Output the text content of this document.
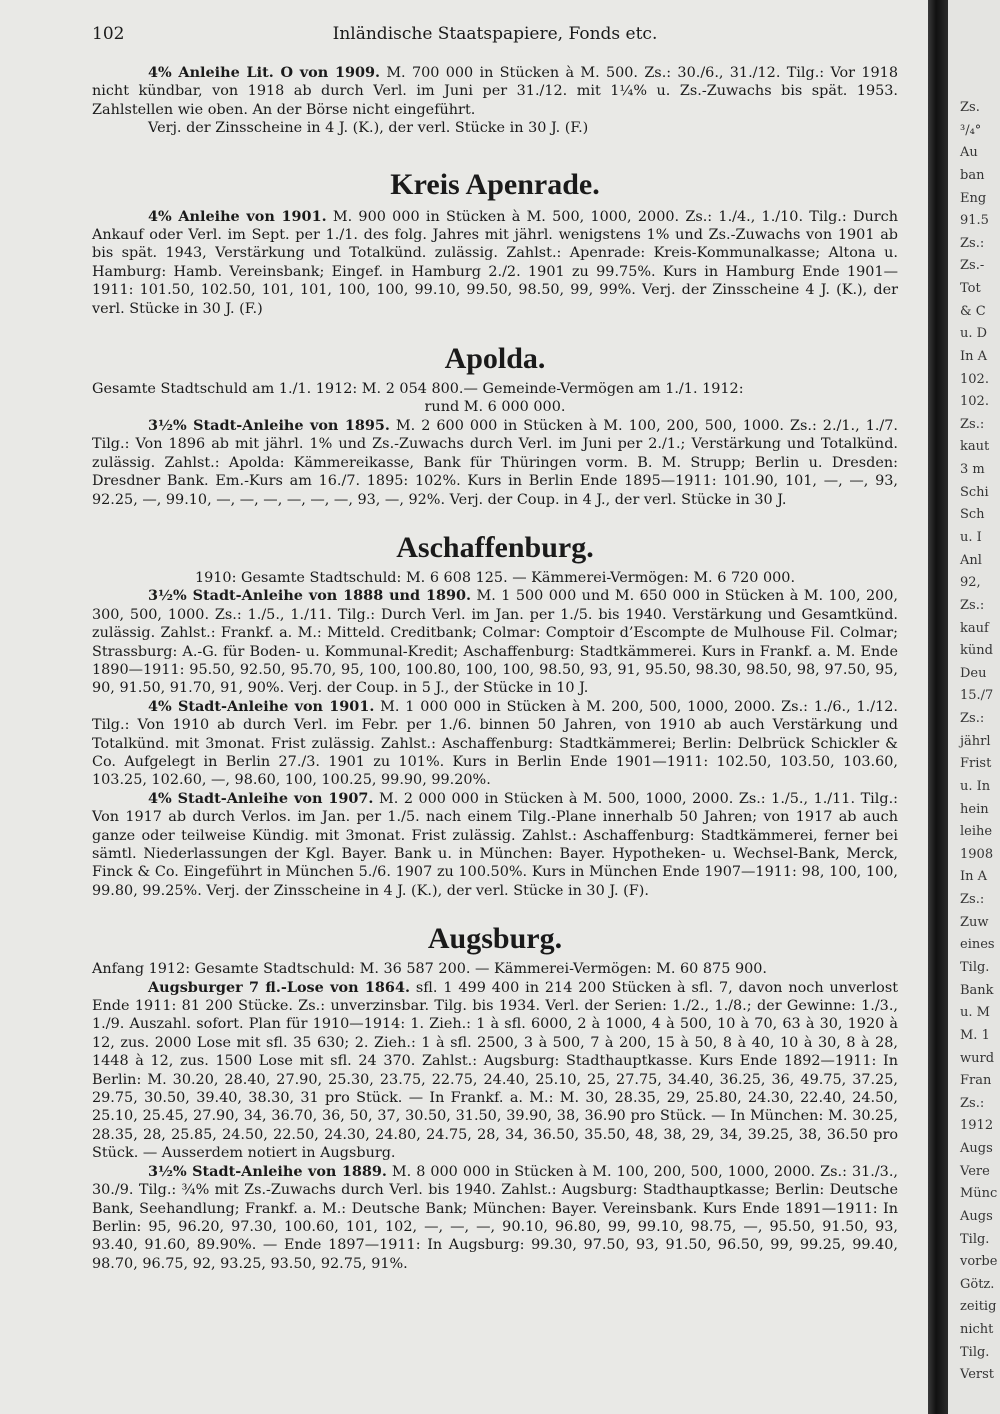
102	Inländische Staatspapiere, Fonds etc.

4% Anleihe Lit. O von 1909. M. 700 000 in Stücken à M. 500. Zs.: 30./6., 31./12. Tilg.: Vor 1918 nicht kündbar, von 1918 ab durch Verl. im Juni per 31./12. mit 1¼% u. Zs.-Zuwachs bis spät. 1953. Zahlstellen wie oben. An der Börse nicht eingeführt.

Verj. der Zinsscheine in 4 J. (K.), der verl. Stücke in 30 J. (F.)

Kreis Apenrade.

4% Anleihe von 1901. M. 900 000 in Stücken à M. 500, 1000, 2000. Zs.: 1./4., 1./10. Tilg.: Durch Ankauf oder Verl. im Sept. per 1./1. des folg. Jahres mit jährl. wenigstens 1% und Zs.-Zuwachs von 1901 ab bis spät. 1943, Verstärkung und Totalkünd. zulässig. Zahlst.: Apenrade: Kreis-Kommunalkasse; Altona u. Hamburg: Hamb. Vereinsbank; Eingef. in Hamburg 2./2. 1901 zu 99.75%. Kurs in Hamburg Ende 1901—1911: 101.50, 102.50, 101, 101, 100, 100, 99.10, 99.50, 98.50, 99, 99%. Verj. der Zinsscheine 4 J. (K.), der verl. Stücke in 30 J. (F.)

Apolda.

Gesamte Stadtschuld am 1./1. 1912: M. 2 054 800.— Gemeinde-Vermögen am 1./1. 1912:

rund M. 6 000 000.

3½% Stadt-Anleihe von 1895. M. 2 600 000 in Stücken à M. 100, 200, 500, 1000. Zs.: 2./1., 1./7. Tilg.: Von 1896 ab mit jährl. 1% und Zs.-Zuwachs durch Verl. im Juni per 2./1.; Verstärkung und Totalkünd. zulässig. Zahlst.: Apolda: Kämmereikasse, Bank für Thüringen vorm. B. M. Strupp; Berlin u. Dresden: Dresdner Bank. Em.-Kurs am 16./7. 1895: 102%. Kurs in Berlin Ende 1895—1911: 101.90, 101, —, —, 93, 92.25, —, 99.10, —, —, —, —, —, —, 93, —, 92%. Verj. der Coup. in 4 J., der verl. Stücke in 30 J.

Aschaffenburg.

1910: Gesamte Stadtschuld: M. 6 608 125. — Kämmerei-Vermögen: M. 6 720 000.

3½% Stadt-Anleihe von 1888 und 1890. M. 1 500 000 und M. 650 000 in Stücken à M. 100, 200, 300, 500, 1000. Zs.: 1./5., 1./11. Tilg.: Durch Verl. im Jan. per 1./5. bis 1940. Verstärkung und Gesamtkünd. zulässig. Zahlst.: Frankf. a. M.: Mitteld. Creditbank; Colmar: Comptoir d’Escompte de Mulhouse Fil. Colmar; Strassburg: A.-G. für Boden- u. Kommunal-Kredit; Aschaffenburg: Stadtkämmerei. Kurs in Frankf. a. M. Ende 1890—1911: 95.50, 92.50, 95.70, 95, 100, 100.80, 100, 100, 98.50, 93, 91, 95.50, 98.30, 98.50, 98, 97.50, 95, 90, 91.50, 91.70, 91, 90%. Verj. der Coup. in 5 J., der Stücke in 10 J.

4% Stadt-Anleihe von 1901. M. 1 000 000 in Stücken à M. 200, 500, 1000, 2000. Zs.: 1./6., 1./12. Tilg.: Von 1910 ab durch Verl. im Febr. per 1./6. binnen 50 Jahren, von 1910 ab auch Verstärkung und Totalkünd. mit 3monat. Frist zulässig. Zahlst.: Aschaffenburg: Stadtkämmerei; Berlin: Delbrück Schickler & Co. Aufgelegt in Berlin 27./3. 1901 zu 101%. Kurs in Berlin Ende 1901—1911: 102.50, 103.50, 103.60, 103.25, 102.60, —, 98.60, 100, 100.25, 99.90, 99.20%.

4% Stadt-Anleihe von 1907. M. 2 000 000 in Stücken à M. 500, 1000, 2000. Zs.: 1./5., 1./11. Tilg.: Von 1917 ab durch Verlos. im Jan. per 1./5. nach einem Tilg.-Plane innerhalb 50 Jahren; von 1917 ab auch ganze oder teilweise Kündig. mit 3monat. Frist zulässig. Zahlst.: Aschaffenburg: Stadtkämmerei, ferner bei sämtl. Niederlassungen der Kgl. Bayer. Bank u. in München: Bayer. Hypotheken- u. Wechsel-Bank, Merck, Finck & Co. Eingeführt in München 5./6. 1907 zu 100.50%. Kurs in München Ende 1907—1911: 98, 100, 100, 99.80, 99.25%. Verj. der Zinsscheine in 4 J. (K.), der verl. Stücke in 30 J. (F).

Augsburg.

Anfang 1912: Gesamte Stadtschuld: M. 36 587 200. — Kämmerei-Vermögen: M. 60 875 900.

Augsburger 7 fl.-Lose von 1864. sfl. 1 499 400 in 214 200 Stücken à sfl. 7, davon noch unverlost Ende 1911: 81 200 Stücke. Zs.: unverzinsbar. Tilg. bis 1934. Verl. der Serien: 1./2., 1./8.; der Gewinne: 1./3., 1./9. Auszahl. sofort. Plan für 1910—1914: 1. Zieh.: 1 à sfl. 6000, 2 à 1000, 4 à 500, 10 à 70, 63 à 30, 1920 à 12, zus. 2000 Lose mit sfl. 35 630; 2. Zieh.: 1 à sfl. 2500, 3 à 500, 7 à 200, 15 à 50, 8 à 40, 10 à 30, 8 à 28, 1448 à 12, zus. 1500 Lose mit sfl. 24 370. Zahlst.: Augsburg: Stadthauptkasse. Kurs Ende 1892—1911: In Berlin: M. 30.20, 28.40, 27.90, 25.30, 23.75, 22.75, 24.40, 25.10, 25, 27.75, 34.40, 36.25, 36, 49.75, 37.25, 29.75, 30.50, 39.40, 38.30, 31 pro Stück. — In Frankf. a. M.: M. 30, 28.35, 29, 25.80, 24.30, 22.40, 24.50, 25.10, 25.45, 27.90, 34, 36.70, 36, 50, 37, 30.50, 31.50, 39.90, 38, 36.90 pro Stück. — In München: M. 30.25, 28.35, 28, 25.85, 24.50, 22.50, 24.30, 24.80, 24.75, 28, 34, 36.50, 35.50, 48, 38, 29, 34, 39.25, 38, 36.50 pro Stück. — Ausserdem notiert in Augsburg.

3½% Stadt-Anleihe von 1889. M. 8 000 000 in Stücken à M. 100, 200, 500, 1000, 2000. Zs.: 31./3., 30./9. Tilg.: ¾% mit Zs.-Zuwachs durch Verl. bis 1940. Zahlst.: Augsburg: Stadthauptkasse; Berlin: Deutsche Bank, Seehandlung; Frankf. a. M.: Deutsche Bank; München: Bayer. Vereinsbank. Kurs Ende 1891—1911: In Berlin: 95, 96.20, 97.30, 100.60, 101, 102, —, —, —, 90.10, 96.80, 99, 99.10, 98.75, —, 95.50, 91.50, 93, 93.40, 91.60, 89.90%. — Ende 1897—1911: In Augsburg: 99.30, 97.50, 93, 91.50, 96.50, 99, 99.25, 99.40, 98.70, 96.75, 92, 93.25, 93.50, 92.75, 91%.

Zs.
³/₄°
Au
ban
Eng
91.5
Zs.:
Zs.-
Tot
& C
u. D
In A
102.
102.
Zs.:
kaut
3 m
Schi
Sch
u. I
Anl
92,
Zs.:
kauf
künd
Deu
15./7
Zs.:
jährl
Frist
u. In
hein
leihe
1908
In A
Zs.:
Zuw
eines
Tilg.
Bank
u. M
M. 1
wurd
Fran
Zs.:
1912
Augs
Vere
Münc
Augs
Tilg.
vorbe
Götz.
zeitig
nicht
Tilg.
Verst
